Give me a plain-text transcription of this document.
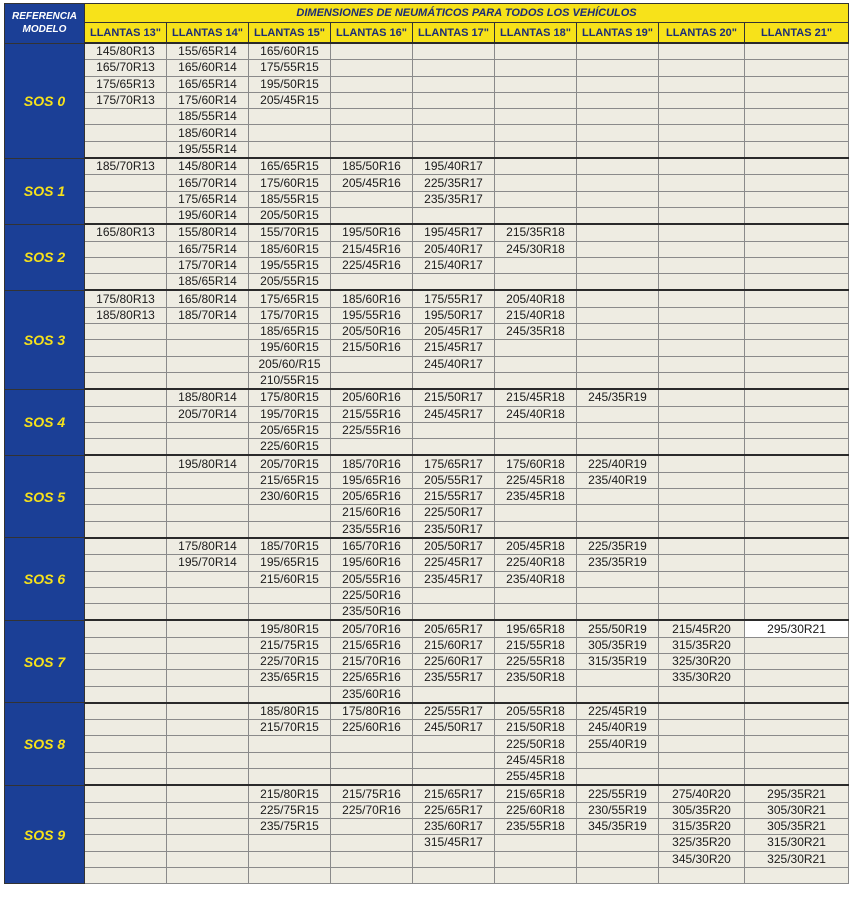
REFERENCIA
MODELO	DIMENSIONES DE NEUMÁTICOS PARA TODOS LOS VEHÍCULOS								
	LLANTAS 13"	LLANTAS 14"	LLANTAS 15"	LLANTAS 16"	LLANTAS 17"	LLANTAS 18"	LLANTAS 19"	LLANTAS 20"	LLANTAS 21"
SOS 0	145/80R13	155/65R14	165/60R15						
	165/70R13	165/60R14	175/55R15						
	175/65R13	165/65R14	195/50R15						
	175/70R13	175/60R14	205/45R15						
		185/55R14							
		185/60R14							
		195/55R14							
SOS 1	185/70R13	145/80R14	165/65R15	185/50R16	195/40R17				
		165/70R14	175/60R15	205/45R16	225/35R17				
		175/65R14	185/55R15		235/35R17				
		195/60R14	205/50R15						
SOS 2	165/80R13	155/80R14	155/70R15	195/50R16	195/45R17	215/35R18			
		165/75R14	185/60R15	215/45R16	205/40R17	245/30R18			
		175/70R14	195/55R15	225/45R16	215/40R17				
		185/65R14	205/55R15						
SOS 3	175/80R13	165/80R14	175/65R15	185/60R16	175/55R17	205/40R18			
	185/80R13	185/70R14	175/70R15	195/55R16	195/50R17	215/40R18			
			185/65R15	205/50R16	205/45R17	245/35R18			
			195/60R15	215/50R16	215/45R17				
			205/60/R15		245/40R17				
			210/55R15						
SOS 4		185/80R14	175/80R15	205/60R16	215/50R17	215/45R18	245/35R19		
		205/70R14	195/70R15	215/55R16	245/45R17	245/40R18			
			205/65R15	225/55R16					
			225/60R15						
SOS 5		195/80R14	205/70R15	185/70R16	175/65R17	175/60R18	225/40R19		
			215/65R15	195/65R16	205/55R17	225/45R18	235/40R19		
			230/60R15	205/65R16	215/55R17	235/45R18			
				215/60R16	225/50R17				
				235/55R16	235/50R17				
SOS 6		175/80R14	185/70R15	165/70R16	205/50R17	205/45R18	225/35R19		
		195/70R14	195/65R15	195/60R16	225/45R17	225/40R18	235/35R19		
			215/60R15	205/55R16	235/45R17	235/40R18			
				225/50R16					
				235/50R16					
SOS 7			195/80R15	205/70R16	205/65R17	195/65R18	255/50R19	215/45R20	295/30R21
			215/75R15	215/65R16	215/60R17	215/55R18	305/35R19	315/35R20	
			225/70R15	215/70R16	225/60R17	225/55R18	315/35R19	325/30R20	
			235/65R15	225/65R16	235/55R17	235/50R18		335/30R20	
				235/60R16					
SOS 8			185/80R15	175/80R16	225/55R17	205/55R18	225/45R19		
			215/70R15	225/60R16	245/50R17	215/50R18	245/40R19		
						225/50R18	255/40R19		
						245/45R18			
						255/45R18			
SOS 9			215/80R15	215/75R16	215/65R17	215/65R18	225/55R19	275/40R20	295/35R21
			225/75R15	225/70R16	225/65R17	225/60R18	230/55R19	305/35R20	305/30R21
			235/75R15		235/60R17	235/55R18	345/35R19	315/35R20	305/35R21
					315/45R17			325/35R20	315/30R21
								345/30R20	325/30R21
